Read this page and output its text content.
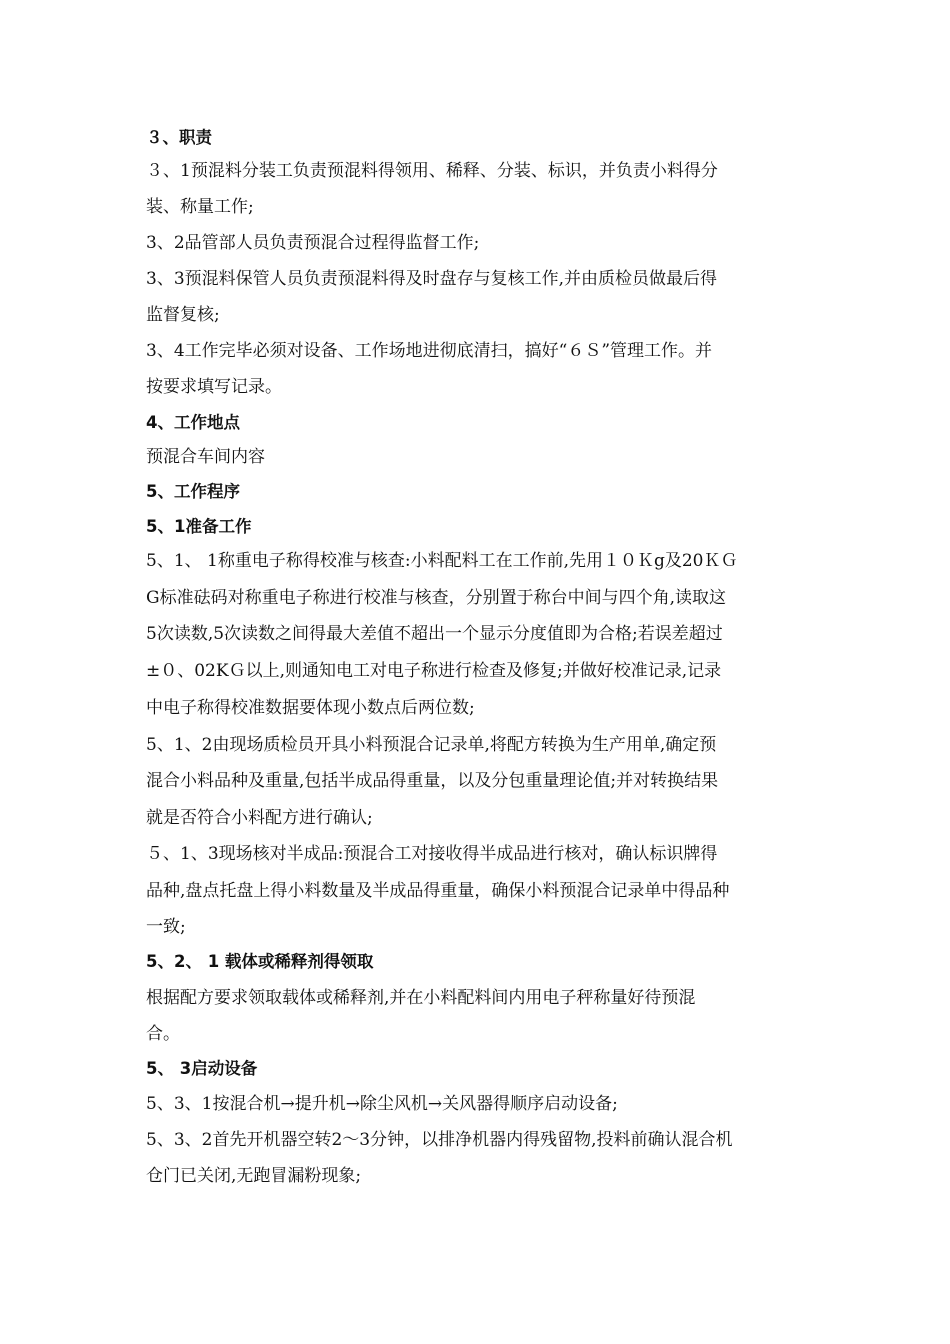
３、职责
３、1预混料分装工负责预混料得领用、稀释、分装、标识，并负责小料得分
装、称量工作;
3、2品管部人员负责预混合过程得监督工作;
3、3预混料保管人员负责预混料得及时盘存与复核工作,并由质检员做最后得
监督复核;
3、4工作完毕必须对设备、工作场地进彻底清扫，搞好“６Ｓ”管理工作。并
按要求填写记录。
4、工作地点
预混合车间内容
5、工作程序
5、1准备工作
5、1、 1称重电子称得校准与核查:小料配料工在工作前,先用１０Ｋg及20ＫＧ
G标准砝码对称重电子称进行校准与核查，分别置于称台中间与四个角,读取这
5次读数,5次读数之间得最大差值不超出一个显示分度值即为合格;若误差超过
±０、02KＧ以上,则通知电工对电子称进行检查及修复;并做好校准记录,记录
中电子称得校准数据要体现小数点后两位数;
5、1、2由现场质检员开具小料预混合记录单,将配方转换为生产用单,确定预
混合小料品种及重量,包括半成品得重量，以及分包重量理论值;并对转换结果
就是否符合小料配方进行确认;
５、1、3现场核对半成品:预混合工对接收得半成品进行核对，确认标识牌得
品种,盘点托盘上得小料数量及半成品得重量，确保小料预混合记录单中得品种
一致;
5、2、 1 载体或稀释剂得领取
根据配方要求领取载体或稀释剂,并在小料配料间内用电子秤称量好待预混
合。
5、 3启动设备
5、3、1按混合机→提升机→除尘风机→关风器得顺序启动设备;
5、3、2首先开机器空转2～3分钟，以排净机器内得残留物,投料前确认混合机
仓门已关闭,无跑冒漏粉现象;
